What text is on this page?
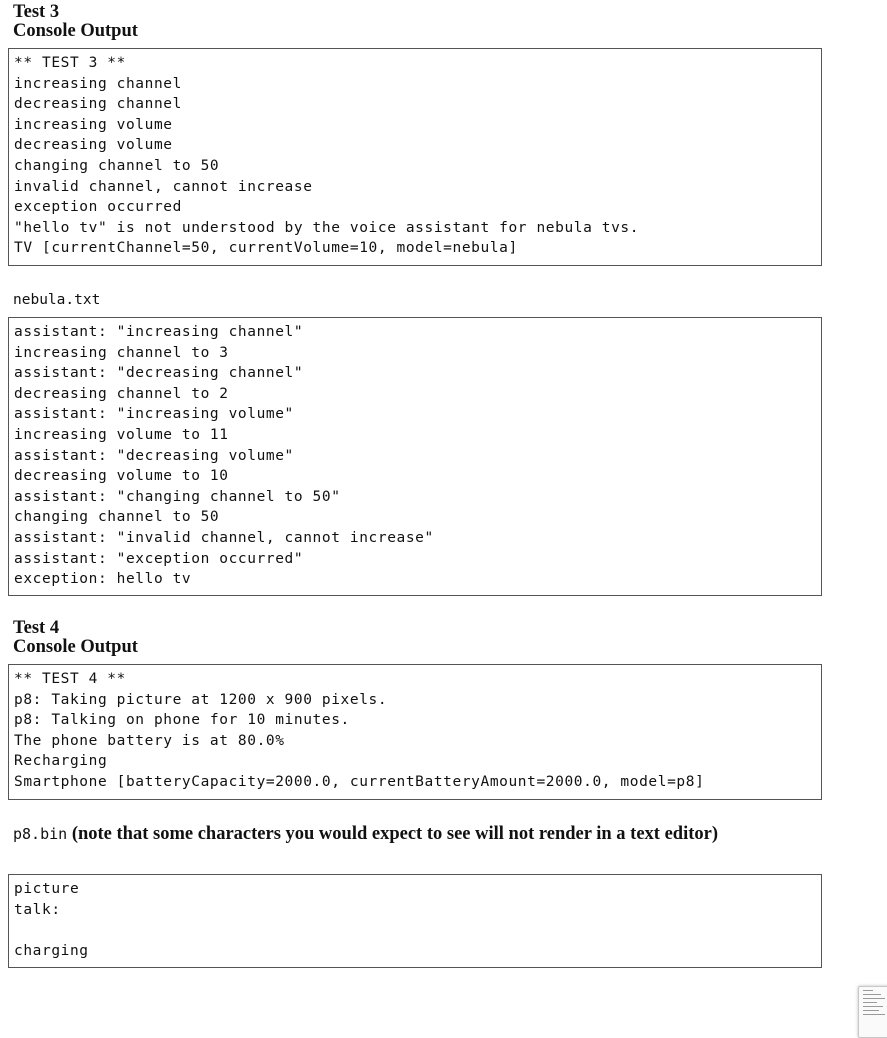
Test 3
Console Output
** TEST 3 **
increasing channel
decreasing channel
increasing volume
decreasing volume
changing channel to 50
invalid channel, cannot increase
exception occurred
"hello tv" is not understood by the voice assistant for nebula tvs.
TV [currentChannel=50, currentVolume=10, model=nebula]
nebula.txt
assistant: "increasing channel"
increasing channel to 3
assistant: "decreasing channel"
decreasing channel to 2
assistant: "increasing volume"
increasing volume to 11
assistant: "decreasing volume"
decreasing volume to 10
assistant: "changing channel to 50"
changing channel to 50
assistant: "invalid channel, cannot increase"
assistant: "exception occurred"
exception: hello tv
Test 4
Console Output
** TEST 4 **
p8: Taking picture at 1200 x 900 pixels.
p8: Talking on phone for 10 minutes.
The phone battery is at 80.0%
Recharging
Smartphone [batteryCapacity=2000.0, currentBatteryAmount=2000.0, model=p8]

p8.bin (note that some characters you would expect to see will not render in a text editor)

picture
talk:
charging
